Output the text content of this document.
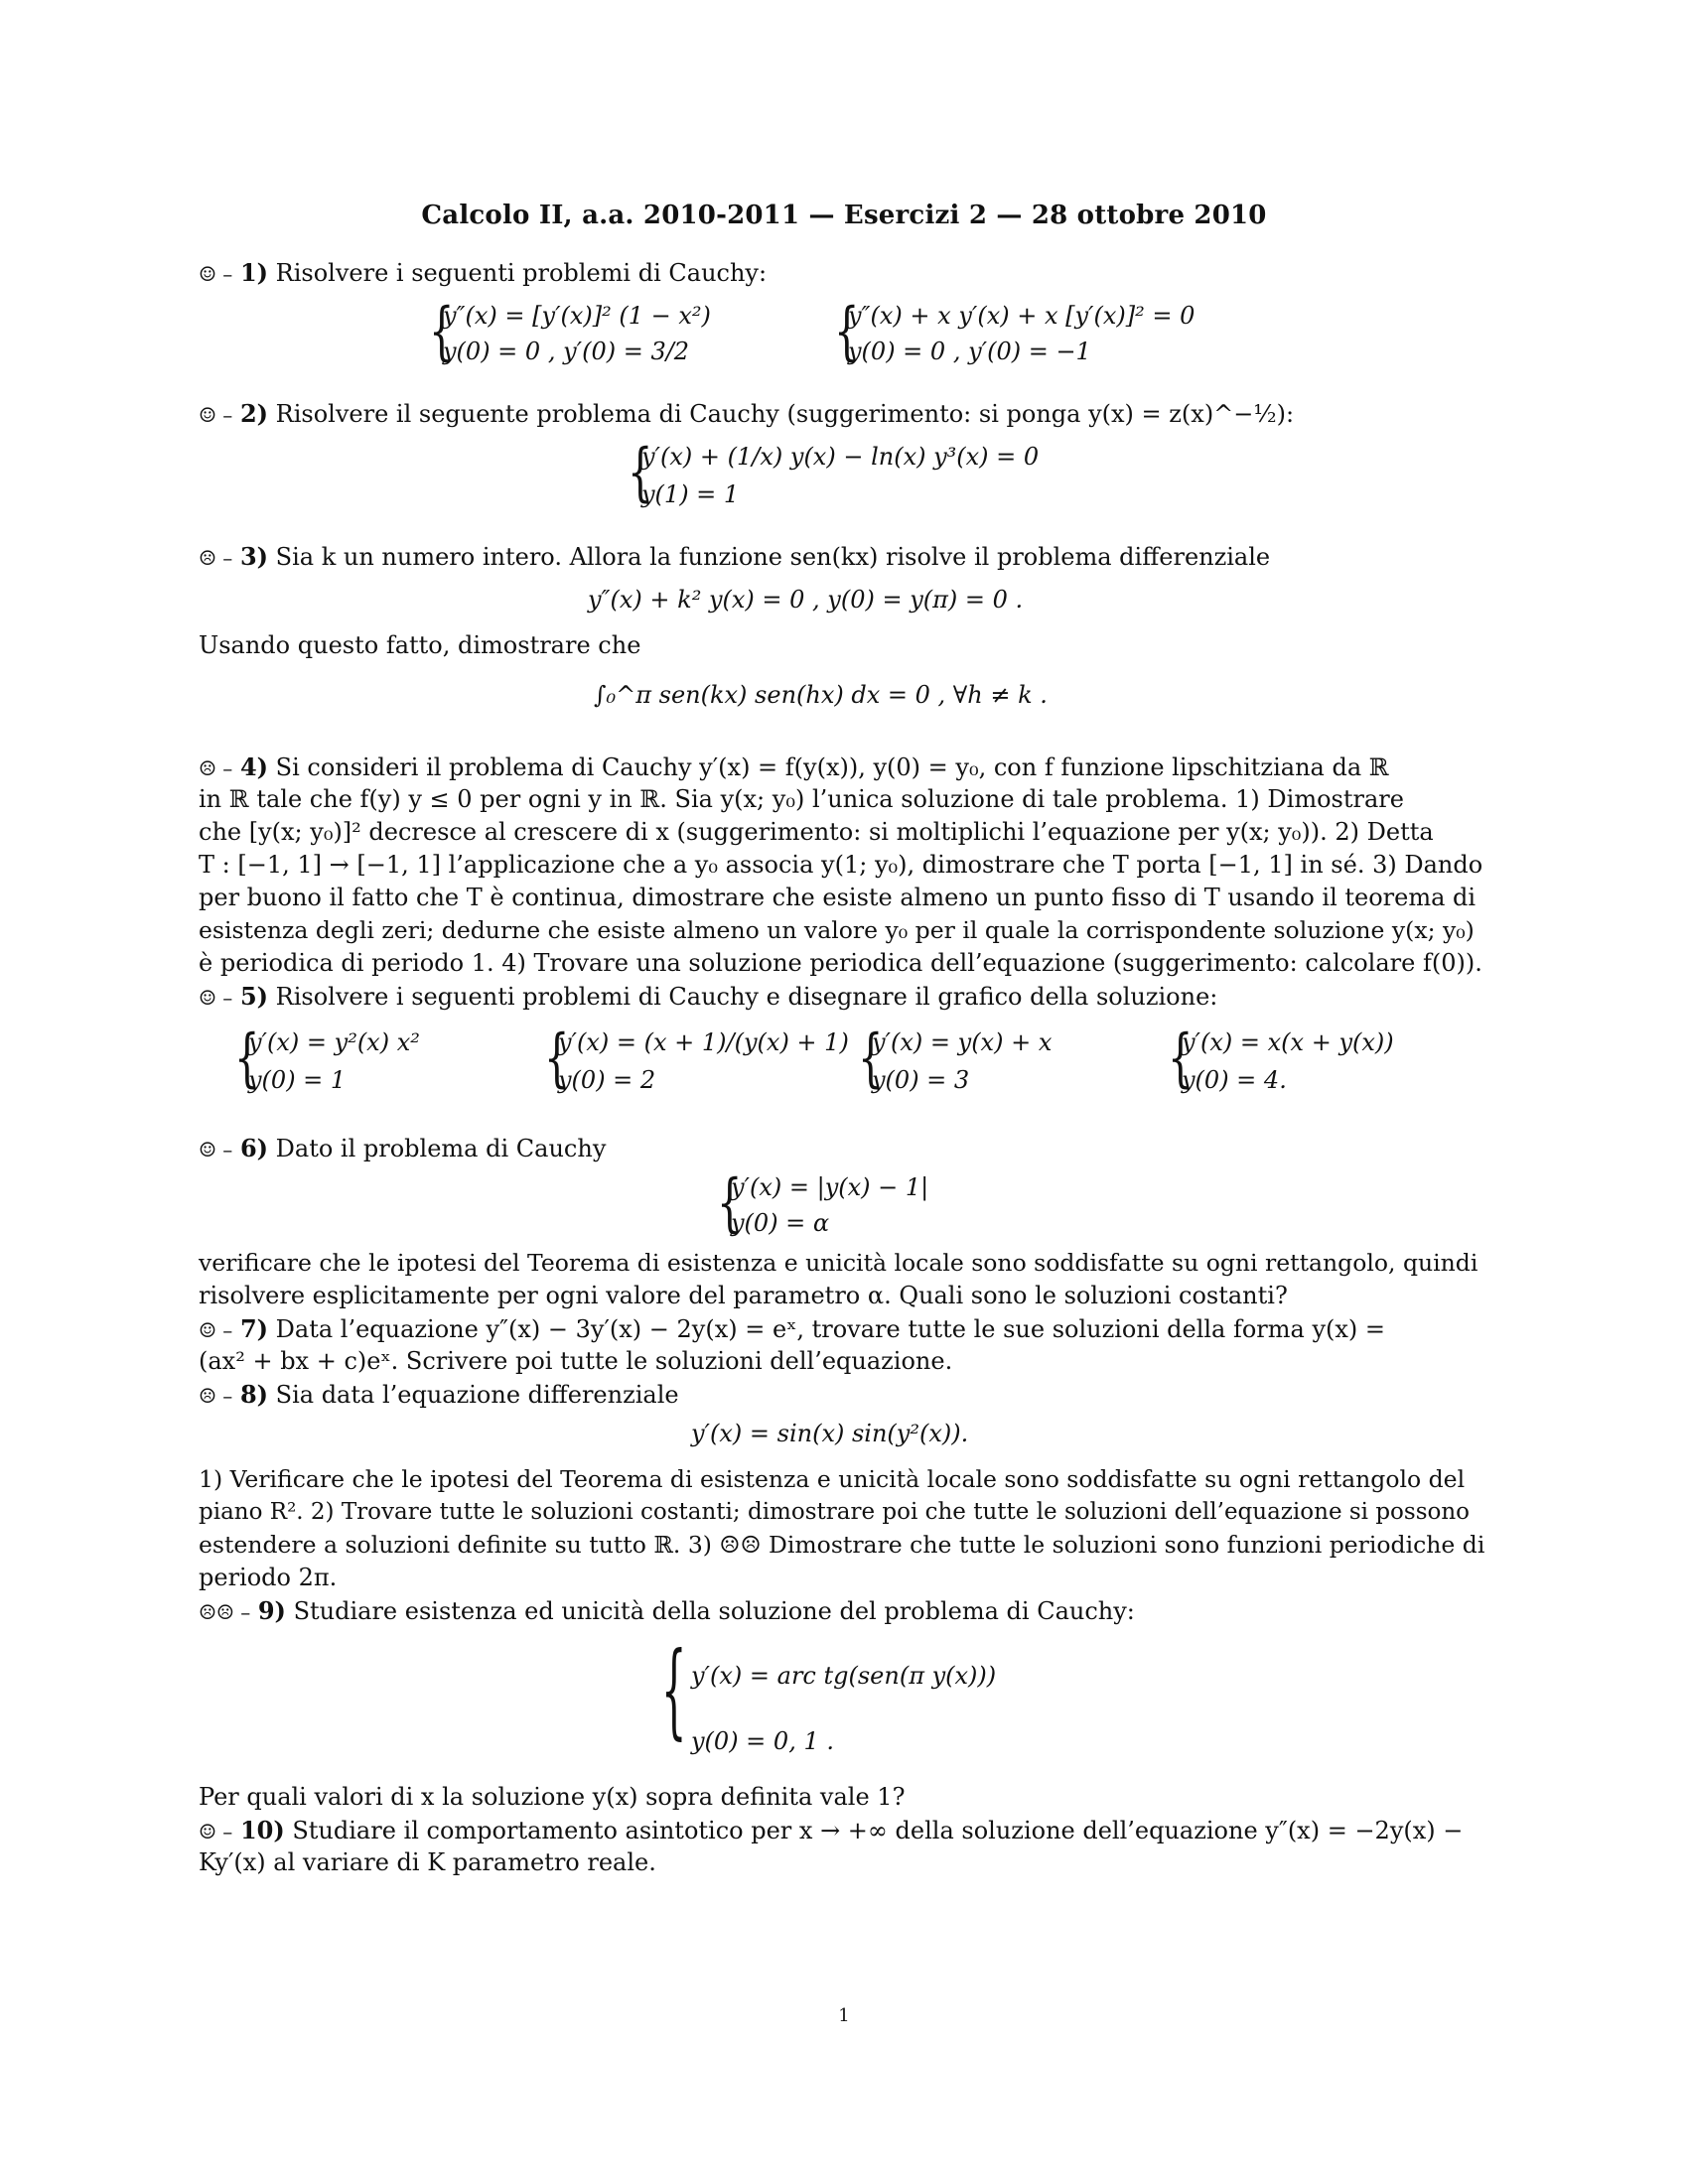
Calcolo II, a.a. 2010-2011 — Esercizi 2 — 28 ottobre 2010
☺ – 1) Risolvere i seguenti problemi di Cauchy:
{
y″(x) = [y′(x)]² (1 − x²)
y(0) = 0 , y′(0) = 3/2	{
y″(x) + x y′(x) + x [y′(x)]² = 0
y(0) = 0 , y′(0) = −1
☺ – 2) Risolvere il seguente problema di Cauchy (suggerimento: si ponga y(x) = z(x)^−½):
{
y′(x) + (1/x) y(x) − ln(x) y³(x) = 0
y(1) = 1
☹ – 3) Sia k un numero intero. Allora la funzione sen(kx) risolve il problema differenziale
y″(x) + k² y(x) = 0 , y(0) = y(π) = 0 .
Usando questo fatto, dimostrare che
∫₀^π sen(kx) sen(hx) dx = 0 , ∀h ≠ k .
☹ – 4) Si consideri il problema di Cauchy y′(x) = f(y(x)), y(0) = y₀, con f funzione lipschitziana da ℝ
in ℝ tale che f(y) y ≤ 0 per ogni y in ℝ. Sia y(x; y₀) l’unica soluzione di tale problema. 1) Dimostrare
che [y(x; y₀)]² decresce al crescere di x (suggerimento: si moltiplichi l’equazione per y(x; y₀)). 2) Detta
T : [−1, 1] → [−1, 1] l’applicazione che a y₀ associa y(1; y₀), dimostrare che T porta [−1, 1] in sé. 3) Dando
per buono il fatto che T è continua, dimostrare che esiste almeno un punto fisso di T usando il teorema di
esistenza degli zeri; dedurne che esiste almeno un valore y₀ per il quale la corrispondente soluzione y(x; y₀)
è periodica di periodo 1. 4) Trovare una soluzione periodica dell’equazione (suggerimento: calcolare f(0)).
☺ – 5) Risolvere i seguenti problemi di Cauchy e disegnare il grafico della soluzione:
{
y′(x) = y²(x) x²
y(0) = 1	{
y′(x) = (x + 1)/(y(x) + 1)
y(0) = 2	{
y′(x) = y(x) + x
y(0) = 3	{
y′(x) = x(x + y(x))
y(0) = 4.
☺ – 6) Dato il problema di Cauchy
{
y′(x) = |y(x) − 1|
y(0) = α
verificare che le ipotesi del Teorema di esistenza e unicità locale sono soddisfatte su ogni rettangolo, quindi
risolvere esplicitamente per ogni valore del parametro α. Quali sono le soluzioni costanti?
☺ – 7) Data l’equazione y″(x) − 3y′(x) − 2y(x) = eˣ, trovare tutte le sue soluzioni della forma y(x) =
(ax² + bx + c)eˣ. Scrivere poi tutte le soluzioni dell’equazione.
☹ – 8) Sia data l’equazione differenziale
y′(x) = sin(x) sin(y²(x)).
1) Verificare che le ipotesi del Teorema di esistenza e unicità locale sono soddisfatte su ogni rettangolo del
piano R². 2) Trovare tutte le soluzioni costanti; dimostrare poi che tutte le soluzioni dell’equazione si possono
estendere a soluzioni definite su tutto ℝ. 3) ☹☹ Dimostrare che tutte le soluzioni sono funzioni periodiche di
periodo 2π.
☹☹ – 9) Studiare esistenza ed unicità della soluzione del problema di Cauchy:
{ y′(x) = arc tg(sen(π y(x)))
y(0) = 0, 1 .
Per quali valori di x la soluzione y(x) sopra definita vale 1?
☺ – 10) Studiare il comportamento asintotico per x → +∞ della soluzione dell’equazione y″(x) = −2y(x) −
Ky′(x) al variare di K parametro reale.
1
